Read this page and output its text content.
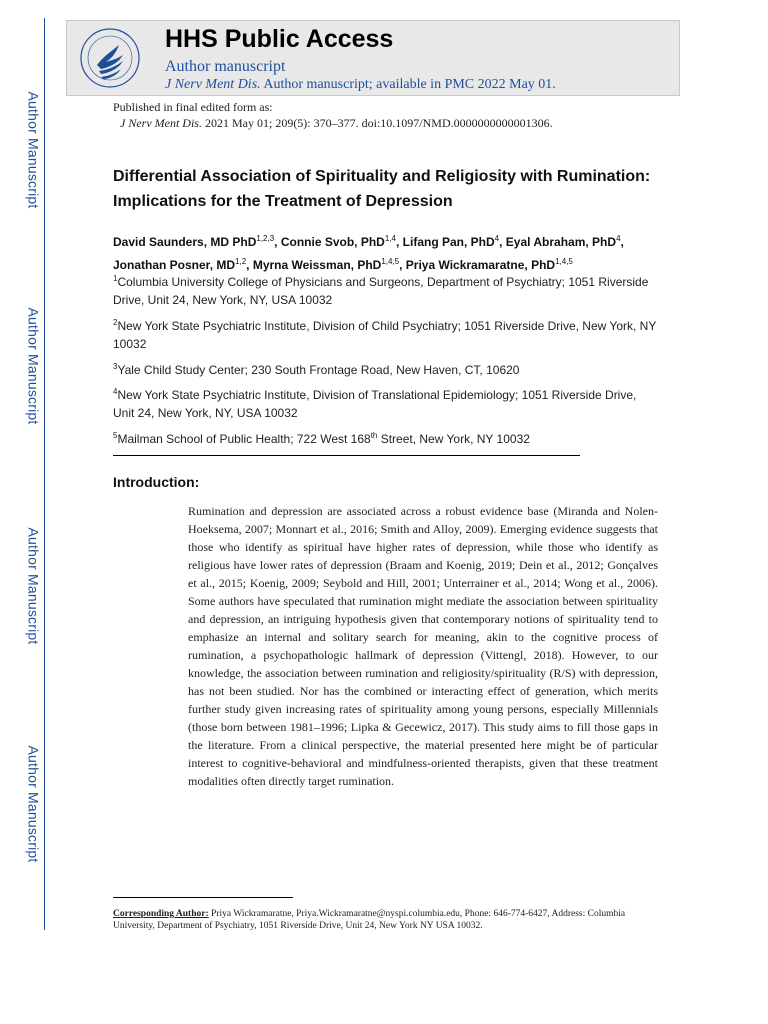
Author Manuscript
Author Manuscript
Author Manuscript
Author Manuscript
HHS Public Access
Author manuscript
J Nerv Ment Dis. Author manuscript; available in PMC 2022 May 01.
Published in final edited form as:
J Nerv Ment Dis. 2021 May 01; 209(5): 370–377. doi:10.1097/NMD.0000000000001306.
Differential Association of Spirituality and Religiosity with Rumination: Implications for the Treatment of Depression
David Saunders, MD PhD$^{1,2,3}$, Connie Svob, PhD$^{1,4}$, Lifang Pan, PhD$^4$, Eyal Abraham, PhD$^4$,
Jonathan Posner, MD$^{1,2}$, Myrna Weissman, PhD$^{1,4,5}$, Priya Wickramaratne, PhD$^{1,4,5}$
$^1$Columbia University College of Physicians and Surgeons, Department of Psychiatry; 1051 Riverside Drive, Unit 24, New York, NY, USA 10032
$^2$New York State Psychiatric Institute, Division of Child Psychiatry; 1051 Riverside Drive, New York, NY 10032
$^3$Yale Child Study Center; 230 South Frontage Road, New Haven, CT, 10620
$^4$New York State Psychiatric Institute, Division of Translational Epidemiology; 1051 Riverside Drive, Unit 24, New York, NY, USA 10032
$^5$Mailman School of Public Health; 722 West 168th Street, New York, NY 10032
Introduction:
Rumination and depression are associated across a robust evidence base (Miranda and Nolen-Hoeksema, 2007; Monnart et al., 2016; Smith and Alloy, 2009). Emerging evidence suggests that those who identify as spiritual have higher rates of depression, while those who identify as religious have lower rates of depression (Braam and Koenig, 2019; Dein et al., 2012; Gonçalves et al., 2015; Koenig, 2009; Seybold and Hill, 2001; Unterrainer et al., 2014; Wong et al., 2006). Some authors have speculated that rumination might mediate the association between spirituality and depression, an intriguing hypothesis given that contemporary notions of spirituality tend to emphasize an internal and solitary search for meaning, akin to the cognitive process of rumination, a psychopathologic hallmark of depression (Vittengl, 2018). However, to our knowledge, the association between rumination and religiosity/spirituality (R/S) with depression, has not been studied. Nor has the combined or interacting effect of generation, which merits further study given increasing rates of spirituality among young persons, especially Millennials (those born between 1981–1996; Lipka & Gecewicz, 2017). This study aims to fill those gaps in the literature. From a clinical perspective, the material presented here might be of particular interest to cognitive-behavioral and mindfulness-oriented therapists, given that these treatment modalities often directly target rumination.
Corresponding Author: Priya Wickramaratne, Priya.Wickramaratne@nyspi.columbia.edu, Phone: 646-774-6427, Address: Columbia University, Department of Psychiatry, 1051 Riverside Drive, Unit 24, New York NY USA 10032.
